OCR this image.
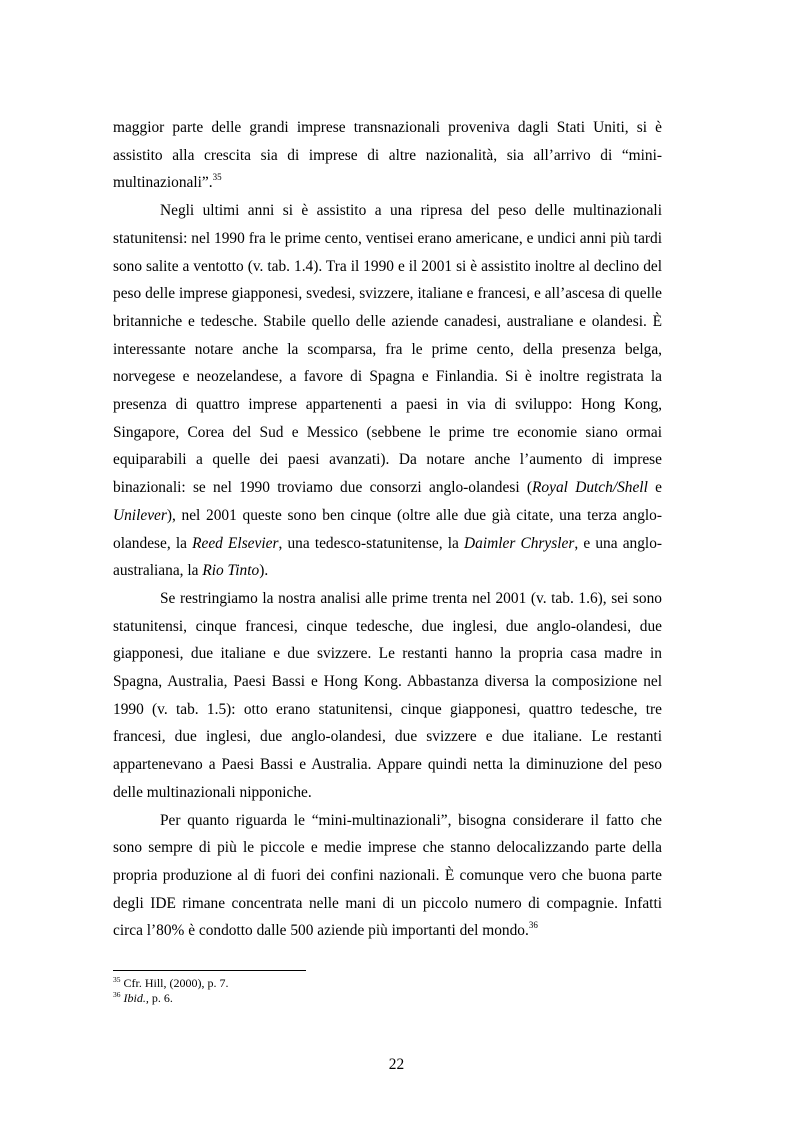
maggior parte delle grandi imprese transnazionali proveniva dagli Stati Uniti, si è assistito alla crescita sia di imprese di altre nazionalità, sia all’arrivo di “mini-multinazionali”.$^{35}$

Negli ultimi anni si è assistito a una ripresa del peso delle multinazionali statunitensi: nel 1990 fra le prime cento, ventisei erano americane, e undici anni più tardi sono salite a ventotto (v. tab. 1.4). Tra il 1990 e il 2001 si è assistito inoltre al declino del peso delle imprese giapponesi, svedesi, svizzere, italiane e francesi, e all’ascesa di quelle britanniche e tedesche. Stabile quello delle aziende canadesi, australiane e olandesi. È interessante notare anche la scomparsa, fra le prime cento, della presenza belga, norvegese e neozelandese, a favore di Spagna e Finlandia. Si è inoltre registrata la presenza di quattro imprese appartenenti a paesi in via di sviluppo: Hong Kong, Singapore, Corea del Sud e Messico (sebbene le prime tre economie siano ormai equiparabili a quelle dei paesi avanzati). Da notare anche l’aumento di imprese binazionali: se nel 1990 troviamo due consorzi anglo-olandesi (Royal Dutch/Shell e Unilever), nel 2001 queste sono ben cinque (oltre alle due già citate, una terza anglo-olandese, la Reed Elsevier, una tedesco-statunitense, la Daimler Chrysler, e una anglo-australiana, la Rio Tinto).

Se restringiamo la nostra analisi alle prime trenta nel 2001 (v. tab. 1.6), sei sono statunitensi, cinque francesi, cinque tedesche, due inglesi, due anglo-olandesi, due giapponesi, due italiane e due svizzere. Le restanti hanno la propria casa madre in Spagna, Australia, Paesi Bassi e Hong Kong. Abbastanza diversa la composizione nel 1990 (v. tab. 1.5): otto erano statunitensi, cinque giapponesi, quattro tedesche, tre francesi, due inglesi, due anglo-olandesi, due svizzere e due italiane. Le restanti appartenevano a Paesi Bassi e Australia. Appare quindi netta la diminuzione del peso delle multinazionali nipponiche.

Per quanto riguarda le “mini-multinazionali”, bisogna considerare il fatto che sono sempre di più le piccole e medie imprese che stanno delocalizzando parte della propria produzione al di fuori dei confini nazionali. È comunque vero che buona parte degli IDE rimane concentrata nelle mani di un piccolo numero di compagnie. Infatti circa l’80% è condotto dalle 500 aziende più importanti del mondo.$^{36}$

$^{35}$ Cfr. Hill, (2000), p. 7.

$^{36}$ Ibid., p. 6.

22
